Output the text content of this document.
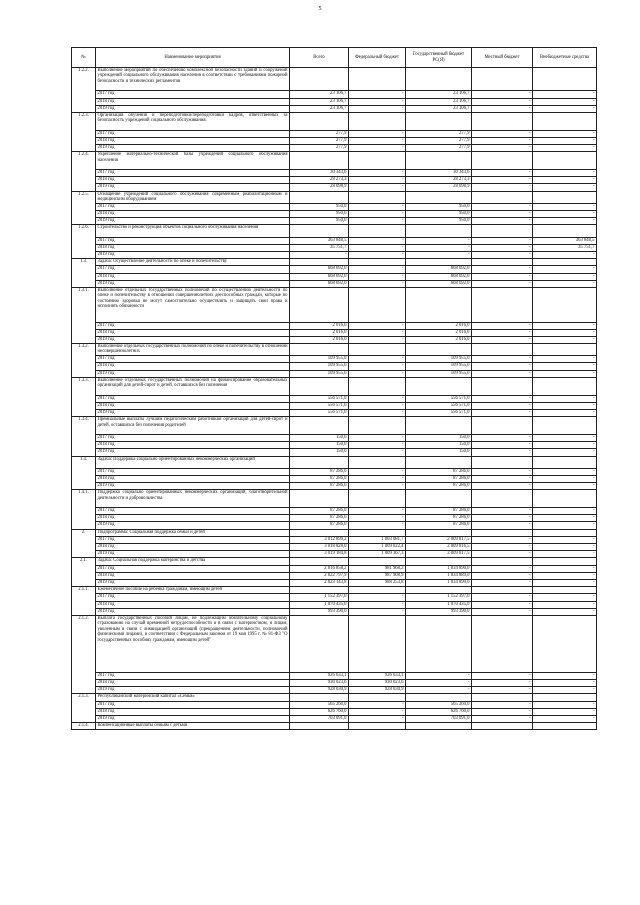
5
№	Наименование мероприятия	Всего	Федеральный бюджет	Государственный бюджет РС(Я)	Местный бюджет	Внебюджетные средства
1.2.2.	Выполнение мероприятий по обеспечению комплексной безопасности зданий и сооружений учреждений социального обслуживания населения в соответствии с требованиями пожарной безопасности и технических регламентов					
	2017 год	23 106,7	-	23 106,7	-	-
	2018 год	23 106,7	-	23 106,7	-	-
	2019 год	23 106,7	-	23 106,7	-	-
1.2.3.	Организация обучения и переподготовки/переподготовки кадров, ответственных за безопасность учреждений социального обслуживания.					
	2017 год	277,9	-	277,9	-	-
	2018 год	277,9	-	277,9	-	-
	2019 год	277,9	-	277,9	-	-
1.2.4.	Укрепление материально-технической базы учреждений социального обслуживания населения					
	2017 год	30 343,6	-	30 343,6	-	-
	2018 год	28 273,3	-	28 273,3	-	-
	2019 год	28 098,9	-	28 098,9	-	-
1.2.5.	Оснащение учреждений социального обслуживания современным реабилитационным и медицинским оборудованием					
	2017 год	950,0	-	950,0	-	-
	2018 год	950,0	-	950,0	-	-
	2019 год	950,0	-	950,0	-	-
1.2.6.	Строительство и реконструкция объектов социального обслуживания населения					
	2017 год	363 848,5	-	-	-	363 848,5
	2018 год	35 751,7	-	-	-	35 751,7
	2019 год	-	-	-	-	-
1.3.	Задача: Осуществление деятельности по опеке и попечительству					
	2017 год	668 692,0	-	668 692,0	-	-
	2018 год	668 692,0	-	668 692,0	-	-
	2019 год	668 692,0	-	668 692,0	-	-
1.3.1.	Выполнение отдельных государственных полномочий по осуществлению деятельности по опеке и попечительству в отношении совершеннолетних дееспособных граждан, которые по состоянию здоровья не могут самостоятельно осуществлять и защищать свои права и исполнять обязанности					
	2017 год	2 016,0	-	2 016,0	-	-
	2018 год	2 016,0	-	2 016,0	-	-
	2019 год	2 016,0	-	2 016,0	-	-
1.3.2.	Выполнение отдельных государственных полномочий по опеке и попечительству в отношении несовершеннолетних					
	2017 год	109 955,0	-	109 955,0	-	-
	2018 год	109 955,0	-	109 955,0	-	-
	2019 год	109 955,0	-	109 955,0	-	-
1.3.3.	Выполнение отдельных государственных полномочий на финансирование образовательных организаций для детей-сирот и детей, оставшихся без попечения					
	2017 год	556 571,0	-	556 571,0	-	-
	2018 год	556 571,0	-	556 571,0	-	-
	2019 год	556 571,0	-	556 571,0	-	-
1.3.4.	Премиальные выплаты лучшим педагогическим работникам организаций для детей-сирот и детей, оставшихся без попечения родителей					
	2017 год	150,0	-	150,0	-	-
	2018 год	150,0	-	150,0	-	-
	2019 год	150,0	-	150,0	-	-
1.4.	Задача: Поддержка социально ориентированных некоммерческих организаций					
	2017 год	87 286,0	-	87 286,0	-	-
	2018 год	87 286,0	-	87 286,0	-	-
	2019 год	87 286,0	-	87 286,0	-	-
1.4.1.	Поддержка социально ориентированных некоммерческих организаций, благотворительной деятельности и добровольчества					
	2017 год	87 286,0	-	87 286,0	-	-
	2018 год	87 286,0	-	87 286,0	-	-
	2019 год	87 286,0	-	87 286,0	-	-
2.	Подпрограмма: Социальная поддержка семьи и детей					
	2017 год	3 012 899,2	1 003 081,7	2 009 817,5	-	-
	2018 год	3 018 828,0	1 009 022,4	2 009 816,5	-	-
	2019 год	3 019 184,8	1 009 367,3	2 009 817,5	-	-
2.1.	Задача: Социальная поддержка материнства и детства					
	2017 год	2 816 858,2	981 968,2	1 834 890,0	-	-
	2018 год	2 822 797,9	987 908,9	1 834 889,0	-	-
	2019 год	2 823 143,8	988 253,8	1 834 890,0	-	-
2.1.1.	Ежемесячное пособие на ребенка гражданам, имеющим детей					
	2017 год	1 152 397,0	-	1 152 397,0	-	-
	2018 год	1 070 435,0	-	1 070 435,0	-	-
	2019 год	993 390,0	-	993 390,0	-	-
2.1.2.	Выплата государственных пособий лицам, не подлежащим обязательному социальному страхованию на случай временной нетрудоспособности и в связи с материнством, и лицам, уволенным в связи с ликвидацией организаций (прекращением деятельности, полномочий физическими лицами), в соответствии с Федеральным законом от 19 мая 1995 г. № 81-ФЗ "О государственных пособиях гражданам, имеющим детей"					
	2017 год	926 633,1	926 633,1	-	-	-
	2018 год	930 023,6	930 023,6	-	-	-
	2019 год	928 030,9	928 030,9	-	-	-
2.1.3.	Республиканский материнский капитал «Семья»					
	2017 год	565 260,0	-	565 260,0	-	-
	2018 год	626 760,0	-	626 760,0	-	-
	2019 год	703 091,0	-	703 091,0	-	-
2.1.4.	Компенсационные выплаты семьям с детьми					
